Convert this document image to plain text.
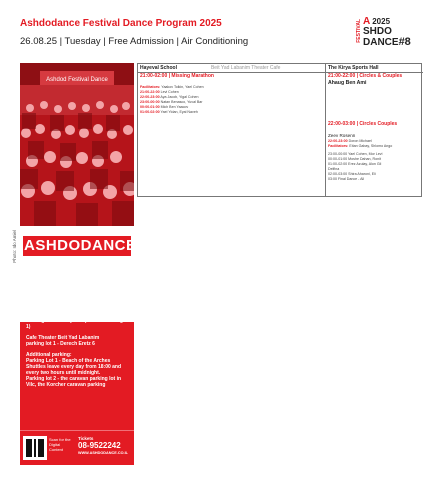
Ashdodance Festival Dance Program 2025
26.08.25 | Tuesday | Free Admission | Air Conditioning	FESTIVAL A 2025
SHDO
DANCE#8
Ashdod Festival Dance
ASHDODANCE
The location of the recommended parking lots and transportation times for festival guests
The Kirya Sports Hall
Hyeval School
Parking 1 - 60 Ha'tsamat Street
Parking 2 - 5 Hallte Street
Parking 3 - The City Hall (Menachem Begin 1)
Cafe Theater Beit Yad Labanim
parking lot 1 - Derech Eretz 6
Additional parking:
Parking Lot 1 - Beach of the Arches
Shuttles leave every day from 18:00 and every two hours until midnight.
Parking lot 2 - the caravan parking lot in Vilc, the Korcher caravan parking
Scan for the Digital Content
Tickets
08-9522242
WWW.ASHDODANCE.CO.IL
Photo: Ido Amiel
Hayeval School	Beit Yad Labanim Theater Cafe
21:00-02:00 | Missing Marathon
Facilitators: Yaakov Tolkin, Yael Cohen
21:00-22:00 Levi Cohen
22:00-23:00 Aya Jacob, Yigal Cohen
23:00-00:00 Natan Benasco, Yuval Bar
00:00-01:00 Mich Ben Yaacov
01:00-02:00 Yael Yidan, Eyal Naveh
The Kirya Sports Hall
21:00-22:00 | Circles & Couples
Ahaug Ben Ami
22:00-03:00 | Circles Couples
Zeev Rosenn
22:00-23:00 Doron Michael
Facilitators: Eitan Gabay, Shlomo Ango
23:00-00:00 Yael Cohen, Mor Levi
00:00-01:00 Moshe Dahan, Ronit
01:00-02:00 Erez Azulay, Alon Gil
Delfina
02:00-03:00 Shira Aharoni, Eli
03:00 Final Dance - All
